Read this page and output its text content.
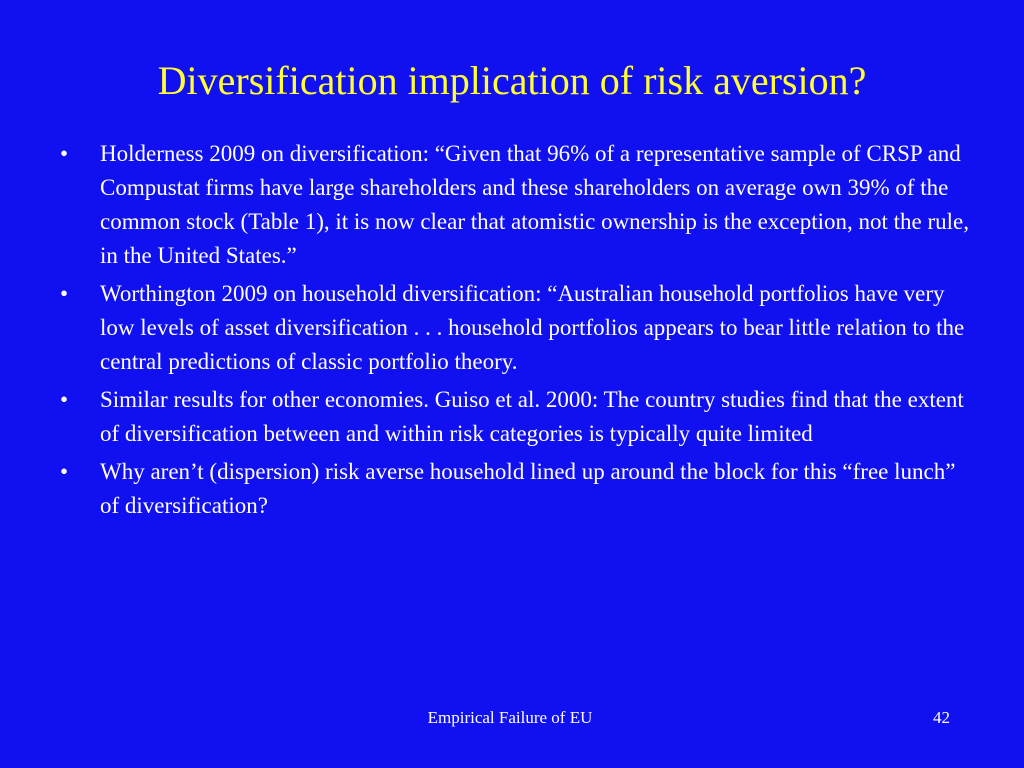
Diversification implication of risk aversion?
•	Holderness 2009 on diversification: “Given that 96% of a representative sample of CRSP and Compustat firms have large shareholders and these shareholders on average own 39% of the common stock (Table 1), it is now clear that atomistic ownership is the exception, not the rule, in the United States.”
•	Worthington 2009 on household diversification: “Australian household portfolios have very low levels of asset diversification . . . household portfolios appears to bear little relation to the central predictions of classic portfolio theory.
•	Similar results for other economies. Guiso et al. 2000: The country studies find that the extent of diversification between and within risk categories is typically quite limited
•	Why aren’t (dispersion) risk averse household lined up around the block for this “free lunch” of diversification?
Empirical Failure of EU	42
